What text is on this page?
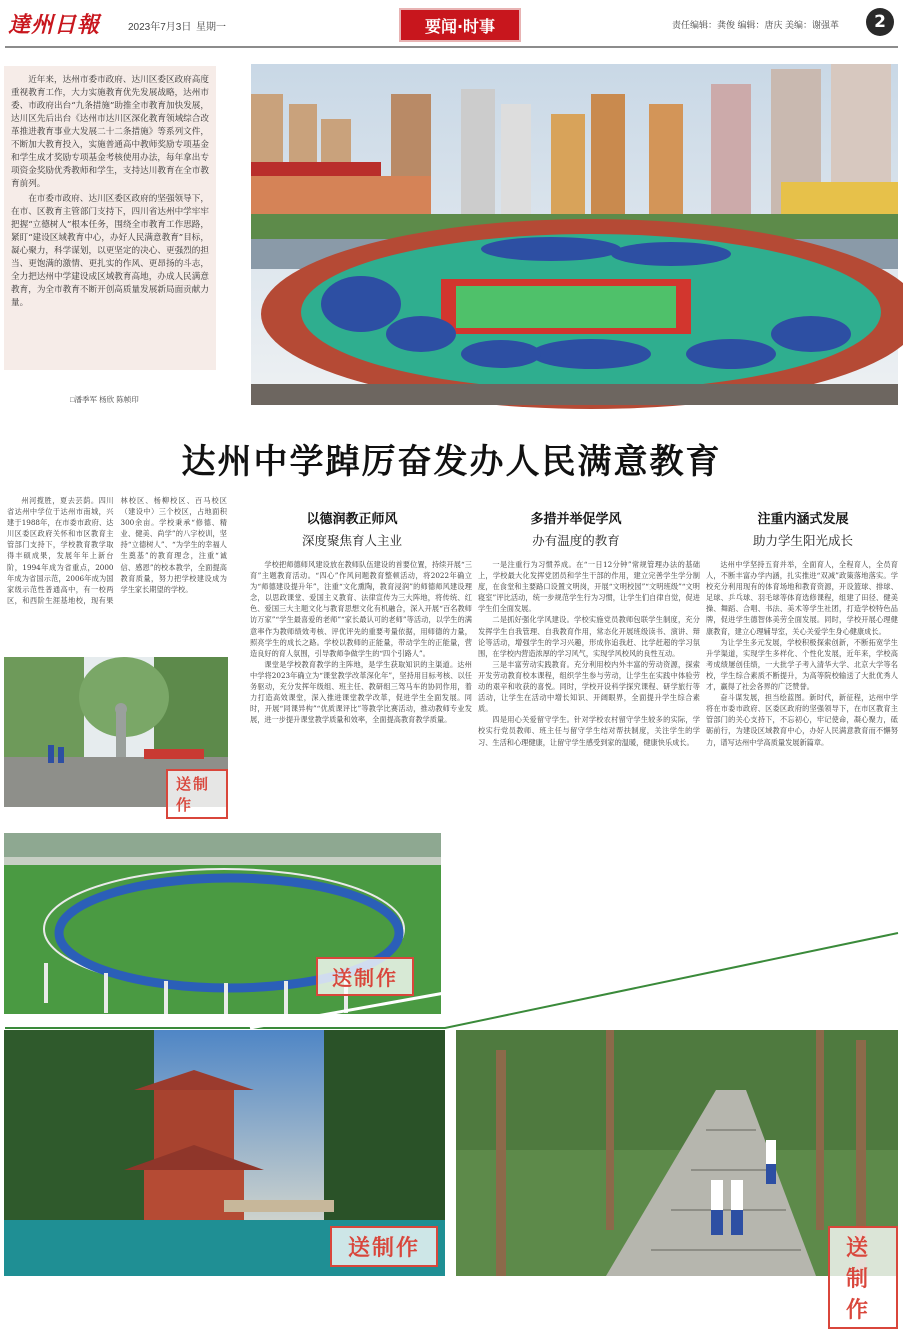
達州日報	2023年7月3日 星期一	要闻·时事	责任编辑：龚俊 编辑：唐庆 美编：谢强革	2

近年来，达州市委市政府、达川区委区政府高度重视教育工作，大力实施教育优先发展战略，达州市委、市政府出台“九条措施”助推全市教育加快发展，达川区先后出台《达州市达川区深化教育领域综合改革推进教育事业大发展二十二条措施》等系列文件，不断加大教育投入，实施普通高中教师奖励专项基金和学生成才奖励专项基金考核使用办法，每年拿出专项资金奖励优秀教师和学生，支持达川教育在全市教育前列。

在市委市政府、达川区委区政府的坚强领导下，在市、区教育主管部门支持下，四川省达州中学牢牢把握“立德树人”根本任务，围绕全市教育工作思路，紧盯“建设区域教育中心，办好人民满意教育”目标，凝心聚力，科学谋划，以更坚定的决心、更强烈的担当、更饱满的激情、更扎实的作风、更昂扬的斗志，全力把达州中学建设成区域教育高地，办成人民满意教育，为全市教育不断开创高质量发展新局面贡献力量。

□潘季军 杨欣 陈帧印
达州中学踔厉奋发办人民满意教育
以德润教正师风
深度聚焦育人主业
多措并举促学风
办有温度的教育
注重内涵式发展
助力学生阳光成长

州河揽胜，夏去芸荫。四川省达州中学位于达州市南城，兴建于1988年，在市委市政府、达川区委区政府关怀和市区教育主管部门支持下，学校教育教学取得丰硕成果，发展年年上新台阶，1994年成为省重点，2000年成为省国示范，2006年成为国家级示范性普通高中，有一校两区，和西阶生涯基地校，现有果林校区、杨柳校区、百马校区（建设中）三个校区，占地面积300余亩。学校秉承“修德、精业、健美、尚学”的八字校训，坚持“立德树人”、“为学生的幸福人生奠基”的教育理念，注重“诚信、感恩”的校本教学，全面提高教育质量，努力把学校建设成为学生家长期望的学校。

学校把师德师风建设放在教师队伍建设的首要位置，持续开展“三育”主题教育活动。“四心”作风问题教育整顿活动，将2022年确立为“师德建设提升年”，注重“文化熏陶，教育浸润”的师德师风建设理念，以思政课堂、爱国主义教育、法律宣传为三大阵地，将传统、红色、爱国三大主题文化与教育思想文化有机融合，深入开展“百名教师访万家”“学生最喜爱的老师”“家长最认可的老师”等活动，以学生的满意率作为教师绩效考核、评优评先的重要考量依据，用师德的力量，照亮学生的成长之路。学校以教师的正能量，带动学生的正能量，营造良好的育人氛围，引导教师争做学生的“四个引路人”。

课堂是学校教育教学的主阵地，是学生获取知识的主渠道。达州中学将2023年确立为“课堂教学改革深化年”，坚持用目标考核、以任务驱动，充分发挥年级组、班主任、教研组三驾马车的协同作用，着力打造高效课堂，深入推进课堂教学改革，促进学生全面发展。同时，开展“同课异构”“优质课评比”等教学比赛活动，推动教师专业发展，进一步提升课堂教学质量和效率，全面提高教育教学质量。

一是注重行为习惯养成。在“一日12分钟”常规管理办法的基础上，学校最大化发挥党团员和学生干部的作用，建立完善学生学分制度，在食堂和主要路口设置文明岗，开展“文明校园”“文明班级”“文明寝室”评比活动，统一步规范学生行为习惯，让学生们自律自觉，促进学生们全面发展。

二是抓好强化学风建设。学校实施党员教师包联学生制度，充分发挥学生自我管理、自我教育作用，常态化开展班级读书、演讲、辩论等活动，增强学生的学习兴趣，形成你追我赶、比学赶超的学习氛围，在学校内营造浓厚的学习风气，实现学风校风的良性互动。

三是丰富劳动实践教育。充分利用校内外丰富的劳动资源，探索开发劳动教育校本课程，组织学生参与劳动，让学生在实践中体验劳动的艰辛和收获的喜悦。同时，学校开设科学探究课程、研学旅行等活动，让学生在活动中增长知识、开阔眼界，全面提升学生综合素质。

四是用心关爱留守学生。针对学校农村留守学生较多的实际，学校实行党员教师、班主任与留守学生结对帮扶制度，关注学生的学习、生活和心理健康，让留守学生感受到家的温暖，健康快乐成长。

达州中学坚持五育并举，全面育人，全程育人，全员育人，不断丰富办学内涵，扎实推进“双减”政策落地落实。学校充分利用现有的体育场地和教育资源，开设篮球、排球、足球、乒乓球、羽毛球等体育选修课程，组建了田径、健美操、舞蹈、合唱、书法、美术等学生社团，打造学校特色品牌，促进学生德智体美劳全面发展。同时，学校开展心理健康教育，建立心理辅导室，关心关爱学生身心健康成长。

为让学生多元发展，学校积极探索创新，不断拓宽学生升学渠道，实现学生多样化、个性化发展，近年来，学校高考成绩屡创佳绩，一大批学子考入清华大学、北京大学等名校，学生综合素质不断提升，为高等院校输送了大批优秀人才，赢得了社会各界的广泛赞誉。

奋斗谋发展，担当绘蓝图。新时代，新征程，达州中学将在市委市政府、区委区政府的坚强领导下，在市区教育主管部门的关心支持下，不忘初心，牢记使命，凝心聚力，砥砺前行，为建设区域教育中心，办好人民满意教育而不懈努力，谱写达州中学高质量发展新篇章。

送制作
送制作
送制作	送制作
